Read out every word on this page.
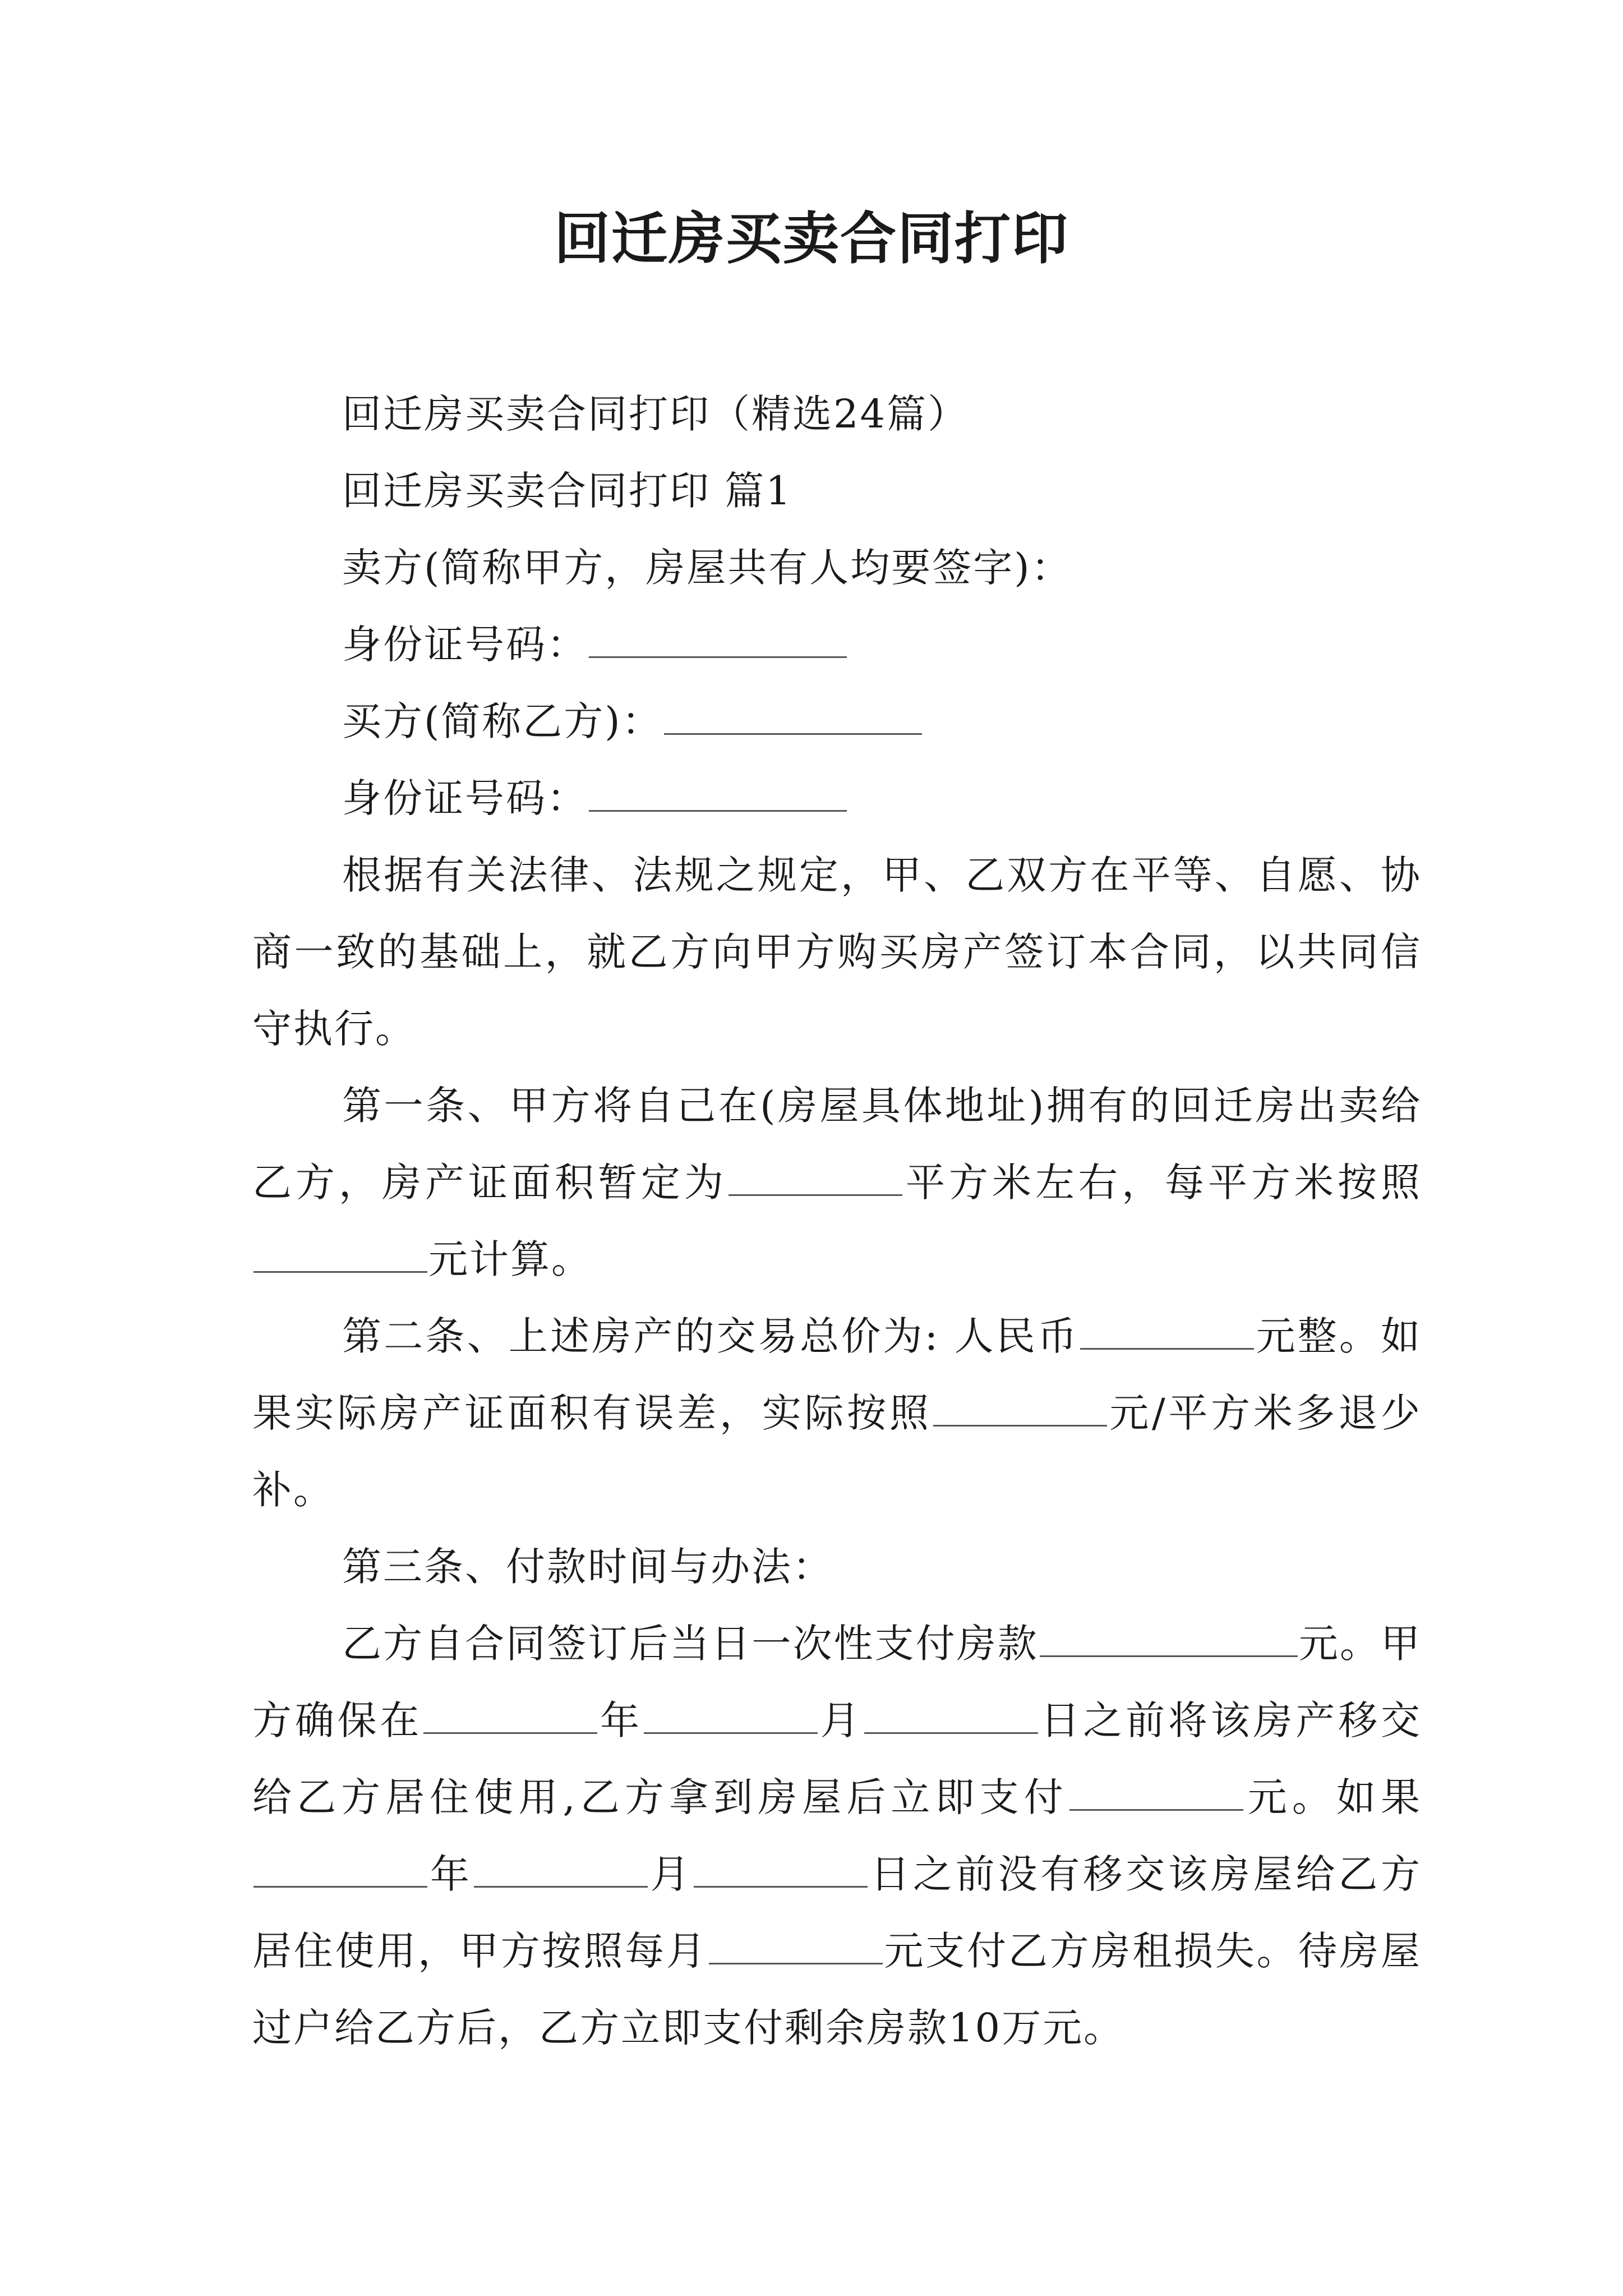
回迁房买卖合同打印

回迁房买卖合同打印（精选24篇）

回迁房买卖合同打印 篇1

卖方(简称甲方，房屋共有人均要签字)：

身份证号码：

买方(简称乙方)：

身份证号码：

根据有关法律、法规之规定，甲、乙双方在平等、自愿、协商一致的基础上，就乙方向甲方购买房产签订本合同，以共同信守执行。

第一条、甲方将自己在(房屋具体地址)拥有的回迁房出卖给乙方，房产证面积暂定为	平方米左右，每平方米按照元计算。

第二条、上述房产的交易总价为: 人民币	元整。如果实际房产证面积有误差，实际按照	元/平方米多退少补。

第三条、付款时间与办法：

乙方自合同签订后当日一次性支付房款	元。甲方确保在	年	月	日之前将该房产移交给乙方居住使用,乙方拿到房屋后立即支付	元。如果年	月	日之前没有移交该房屋给乙方居住使用，甲方按照每月	元支付乙方房租损失。待房屋过户给乙方后，乙方立即支付剩余房款10万元。
